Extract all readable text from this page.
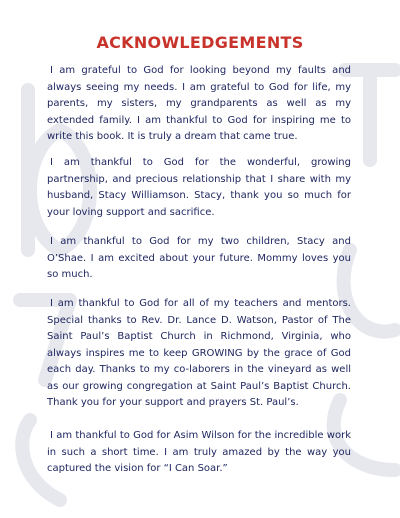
ACKNOWLEDGEMENTS

I am grateful to God for looking beyond my faults and always seeing my needs. I am grateful to God for life, my parents, my sisters, my grandparents as well as my extended family. I am thankful to God for inspiring me to write this book. It is truly a dream that came true.

I am thankful to God for the wonderful, growing partnership, and precious relationship that I share with my husband, Stacy Williamson. Stacy, thank you so much for your loving support and sacrifice.

I am thankful to God for my two children, Stacy and O’Shae. I am excited about your future. Mommy loves you so much.

I am thankful to God for all of my teachers and mentors. Special thanks to Rev. Dr. Lance D. Watson, Pastor of The Saint Paul’s Baptist Church in Richmond, Virginia, who always inspires me to keep GROWING by the grace of God each day. Thanks to my co-laborers in the vineyard as well as our growing congregation at Saint Paul’s Baptist Church. Thank you for your support and prayers St. Paul’s.

I am thankful to God for Asim Wilson for the incredible work in such a short time. I am truly amazed by the way you captured the vision for “I Can Soar.”
